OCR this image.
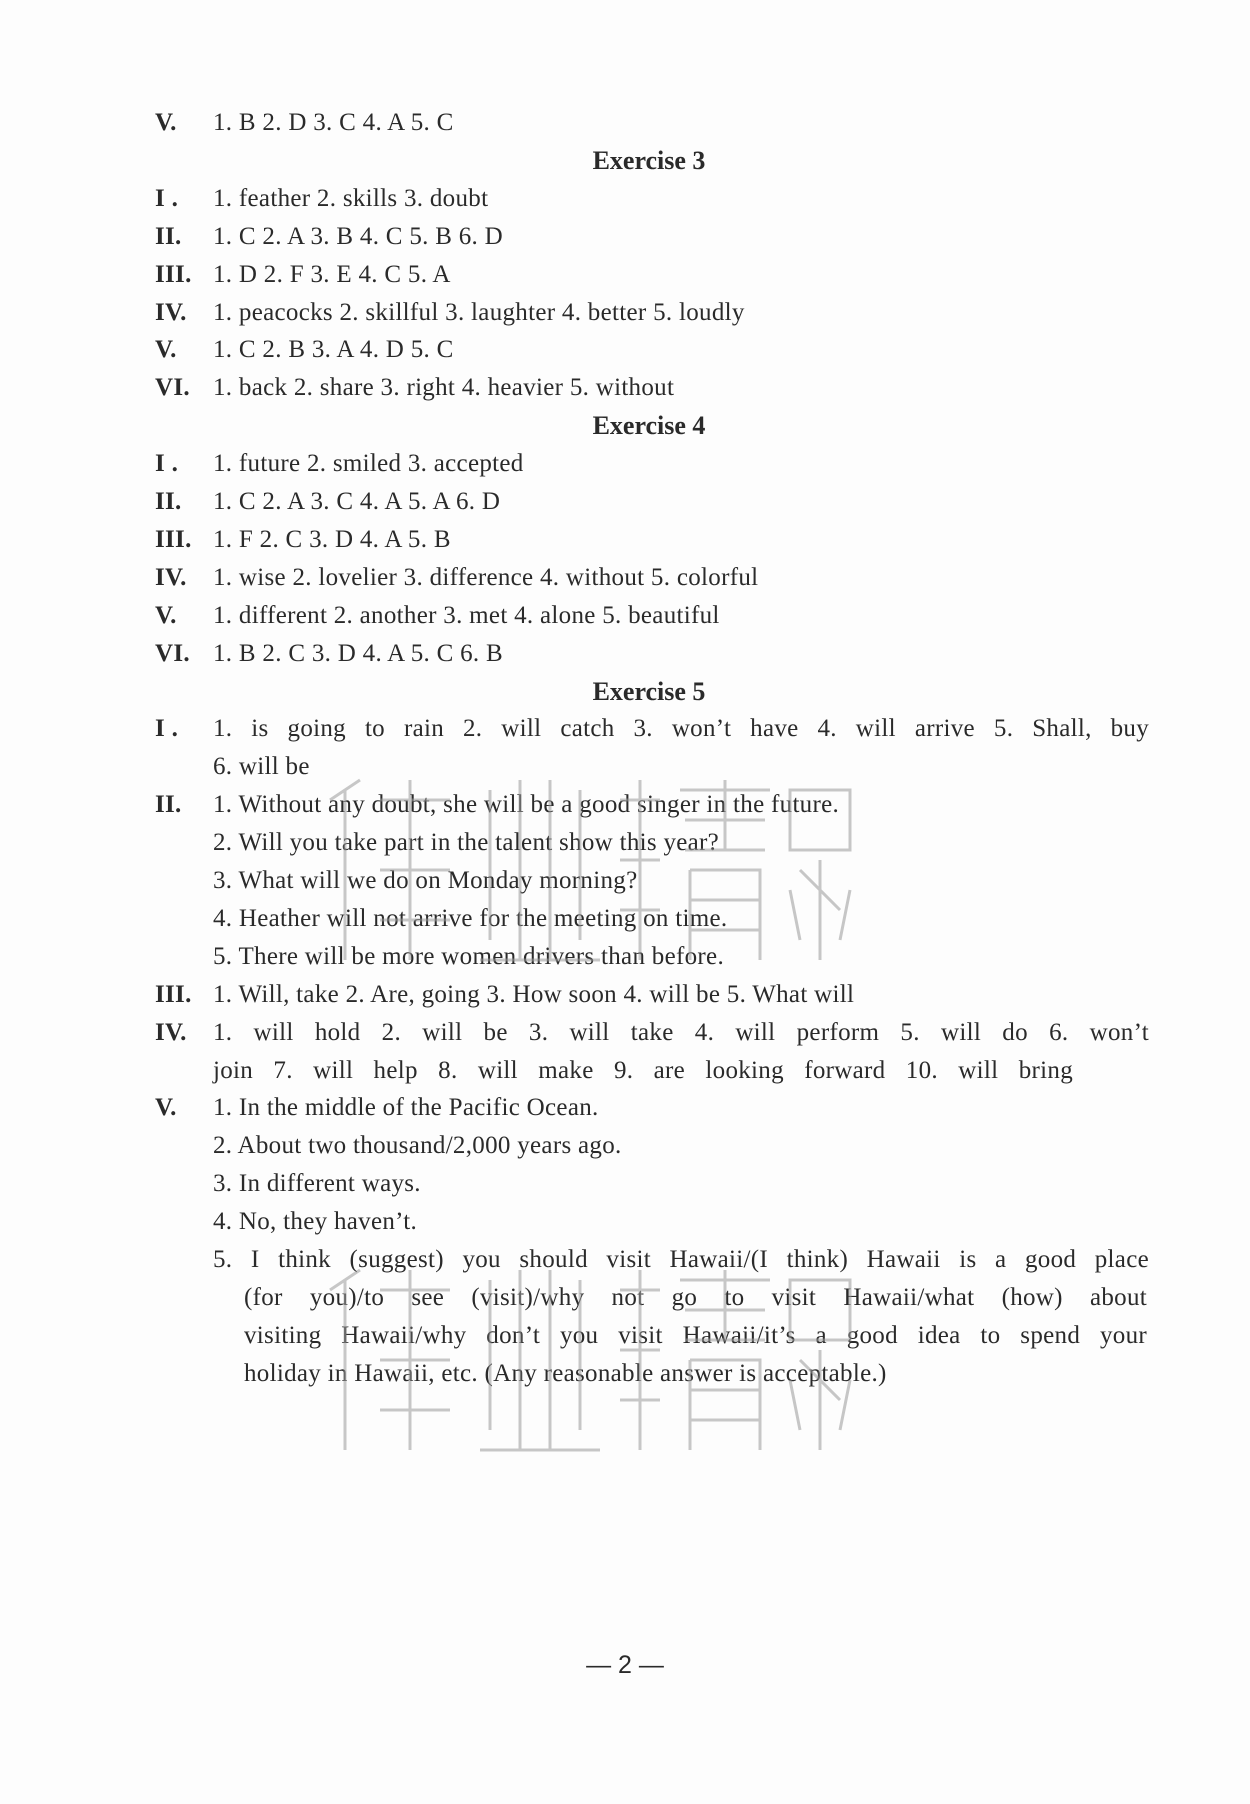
V. 1. B 2. D 3. C 4. A 5. C
Exercise 3
I . 1. feather 2. skills 3. doubt
II. 1. C 2. A 3. B 4. C 5. B 6. D
III. 1. D 2. F 3. E 4. C 5. A
IV. 1. peacocks 2. skillful 3. laughter 4. better 5. loudly
V. 1. C 2. B 3. A 4. D 5. C
VI. 1. back 2. share 3. right 4. heavier 5. without
Exercise 4
I . 1. future 2. smiled 3. accepted
II. 1. C 2. A 3. C 4. A 5. A 6. D
III. 1. F 2. C 3. D 4. A 5. B
IV. 1. wise 2. lovelier 3. difference 4. without 5. colorful
V. 1. different 2. another 3. met 4. alone 5. beautiful
VI. 1. B 2. C 3. D 4. A 5. C 6. B
Exercise 5
I . 1. is going to rain 2. will catch 3. won’t have 4. will arrive 5. Shall, buy
6. will be
II. 1. Without any doubt, she will be a good singer in the future.
2. Will you take part in the talent show this year?
3. What will we do on Monday morning?
4. Heather will not arrive for the meeting on time.
5. There will be more women drivers than before.
III. 1. Will, take 2. Are, going 3. How soon 4. will be 5. What will
IV. 1. will hold 2. will be 3. will take 4. will perform 5. will do 6. won’t
join 7. will help 8. will make 9. are looking forward 10. will bring
V. 1. In the middle of the Pacific Ocean.
2. About two thousand/2,000 years ago.
3. In different ways.
4. No, they haven’t.
5. I think (suggest) you should visit Hawaii/(I think) Hawaii is a good place
(for you)/to see (visit)/why not go to visit Hawaii/what (how) about
visiting Hawaii/why don’t you visit Hawaii/it’s a good idea to spend your
holiday in Hawaii, etc. (Any reasonable answer is acceptable.)
— 2 —
